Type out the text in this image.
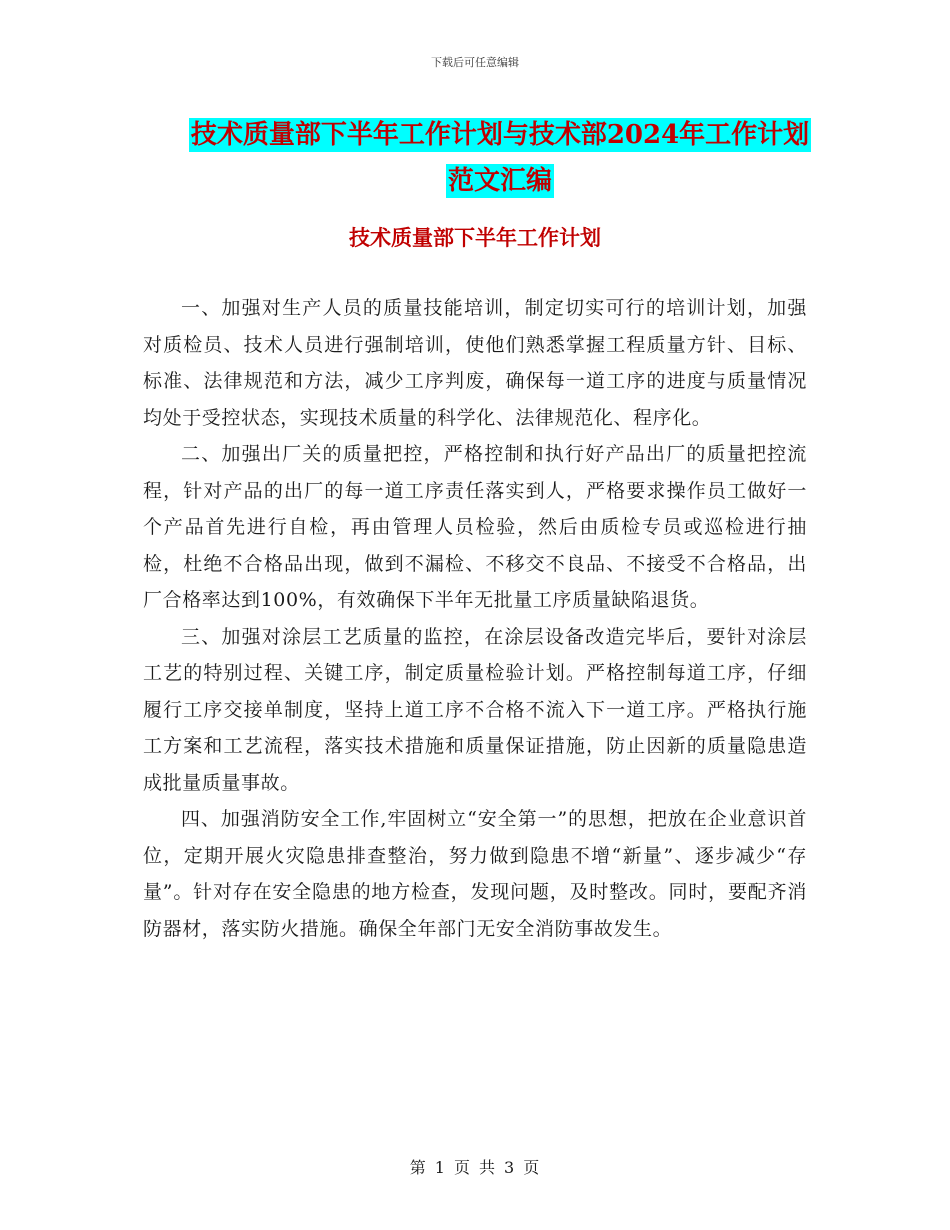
下载后可任意编辑
技术质量部下半年工作计划与技术部2024年工作计划
范文汇编
技术质量部下半年工作计划

一、加强对生产人员的质量技能培训，制定切实可行的培训计划，加强对质检员、技术人员进行强制培训，使他们熟悉掌握工程质量方针、目标、标准、法律规范和方法，减少工序判废，确保每一道工序的进度与质量情况均处于受控状态，实现技术质量的科学化、法律规范化、程序化。

二、加强出厂关的质量把控，严格控制和执行好产品出厂的质量把控流程，针对产品的出厂的每一道工序责任落实到人，严格要求操作员工做好一个产品首先进行自检，再由管理人员检验，然后由质检专员或巡检进行抽检，杜绝不合格品出现，做到不漏检、不移交不良品、不接受不合格品，出厂合格率达到100%，有效确保下半年无批量工序质量缺陷退货。

三、加强对涂层工艺质量的监控，在涂层设备改造完毕后，要针对涂层工艺的特别过程、关键工序，制定质量检验计划。严格控制每道工序，仔细履行工序交接单制度，坚持上道工序不合格不流入下一道工序。严格执行施工方案和工艺流程，落实技术措施和质量保证措施，防止因新的质量隐患造成批量质量事故。

四、加强消防安全工作,牢固树立“安全第一”的思想，把放在企业意识首位，定期开展火灾隐患排查整治，努力做到隐患不增“新量”、逐步减少“存量”。针对存在安全隐患的地方检查，发现问题，及时整改。同时，要配齐消防器材，落实防火措施。确保全年部门无安全消防事故发生。

第 1 页 共 3 页
